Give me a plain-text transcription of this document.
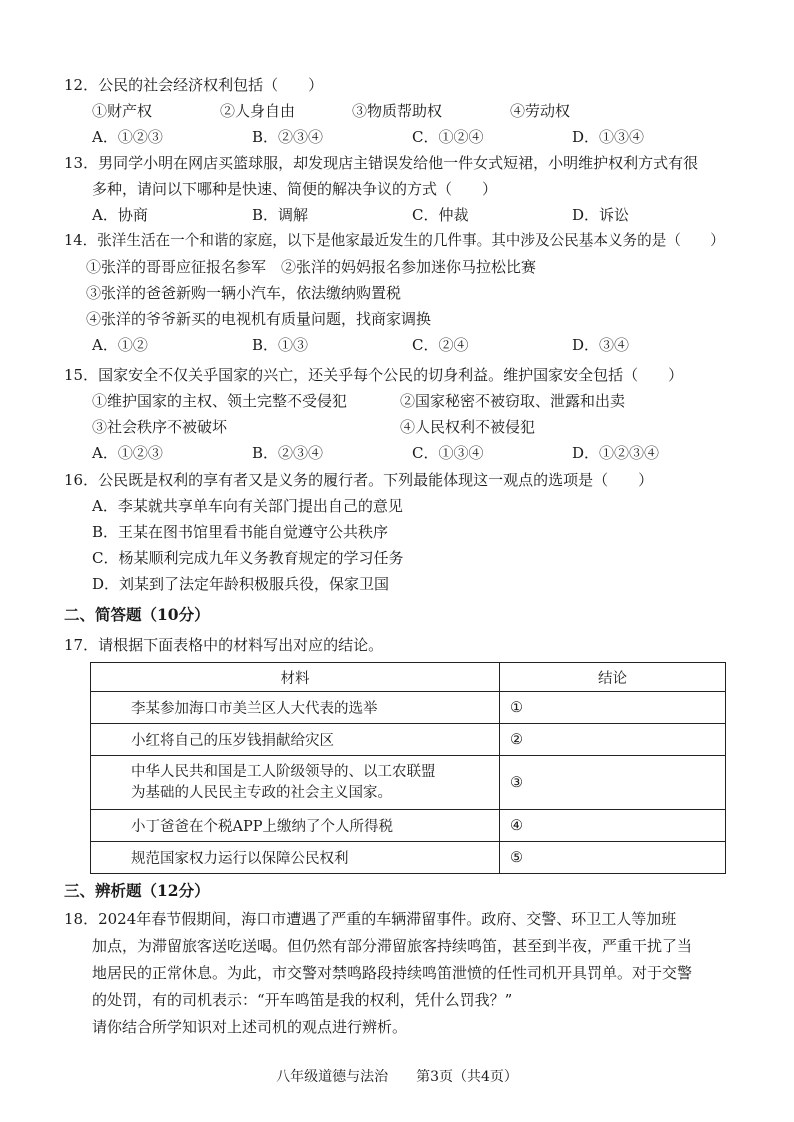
12．公民的社会经济权利包括（　　）
①财产权	②人身自由	③物质帮助权	④劳动权
A．①②③	B．②③④	C．①②④	D．①③④
13．男同学小明在网店买篮球服，却发现店主错误发给他一件女式短裙，小明维护权利方式有很
多种，请问以下哪种是快速、简便的解决争议的方式（　　）
A．协商	B．调解	C．仲裁	D．诉讼
14．张洋生活在一个和谐的家庭，以下是他家最近发生的几件事。其中涉及公民基本义务的是（　　）
①张洋的哥哥应征报名参军　②张洋的妈妈报名参加迷你马拉松比赛
③张洋的爸爸新购一辆小汽车，依法缴纳购置税
④张洋的爷爷新买的电视机有质量问题，找商家调换
A．①②	B．①③	C．②④	D．③④
15．国家安全不仅关乎国家的兴亡，还关乎每个公民的切身利益。维护国家安全包括（　　）
①维护国家的主权、领土完整不受侵犯	②国家秘密不被窃取、泄露和出卖
③社会秩序不被破坏	④人民权利不被侵犯
A．①②③	B．②③④	C．①③④	D．①②③④
16．公民既是权利的享有者又是义务的履行者。下列最能体现这一观点的选项是（　　）
A．李某就共享单车向有关部门提出自己的意见
B．王某在图书馆里看书能自觉遵守公共秩序
C．杨某顺利完成九年义务教育规定的学习任务
D．刘某到了法定年龄积极服兵役，保家卫国
二、简答题（10分）
17．请根据下面表格中的材料写出对应的结论。
材料	结论
李某参加海口市美兰区人大代表的选举	①
小红将自己的压岁钱捐献给灾区	②
中华人民共和国是工人阶级领导的、以工农联盟为基础的人民民主专政的社会主义国家。	③
小丁爸爸在个税APP上缴纳了个人所得税	④
规范国家权力运行以保障公民权利	⑤
三、辨析题（12分）
18．2024年春节假期间，海口市遭遇了严重的车辆滞留事件。政府、交警、环卫工人等加班
加点，为滞留旅客送吃送喝。但仍然有部分滞留旅客持续鸣笛，甚至到半夜，严重干扰了当
地居民的正常休息。为此，市交警对禁鸣路段持续鸣笛泄愤的任性司机开具罚单。对于交警
的处罚，有的司机表示：“开车鸣笛是我的权利，凭什么罚我？”
请你结合所学知识对上述司机的观点进行辨析。
八年级道德与法治　　第3页（共4页）
